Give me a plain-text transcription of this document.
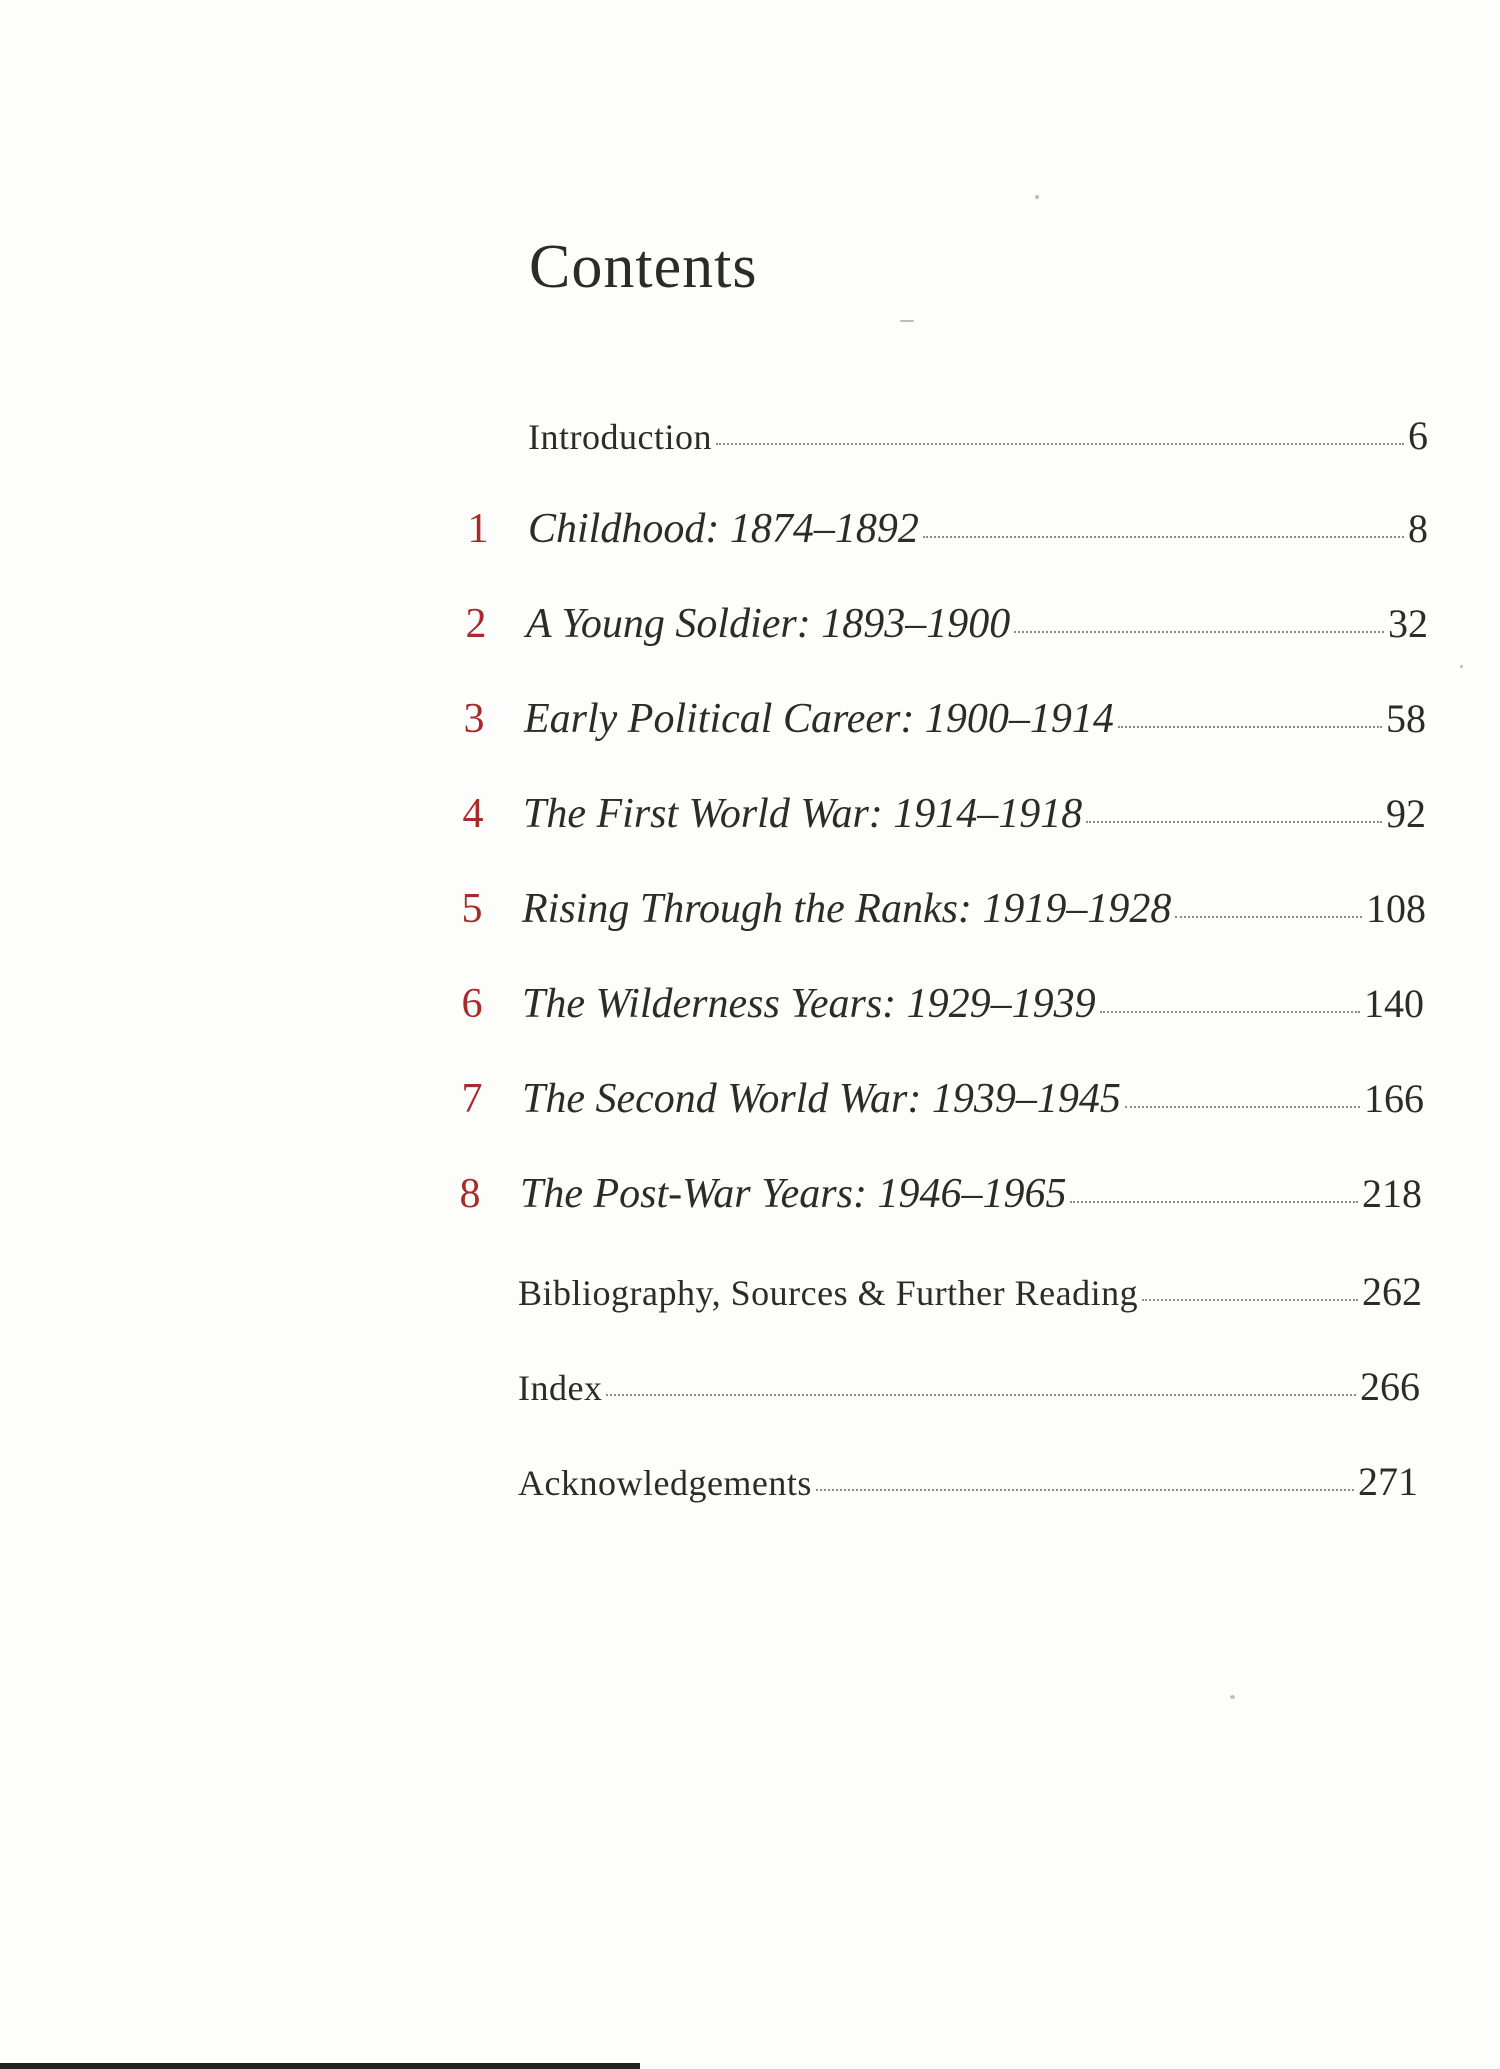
Contents
Introduction	6
1 Childhood: 1874–1892	8
2 A Young Soldier: 1893–1900	32
3 Early Political Career: 1900–1914	58
4 The First World War: 1914–1918	92
5 Rising Through the Ranks: 1919–1928	108
6 The Wilderness Years: 1929–1939	140
7 The Second World War: 1939–1945	166
8 The Post-War Years: 1946–1965	218
Bibliography, Sources & Further Reading	262
Index	266
Acknowledgements	271
